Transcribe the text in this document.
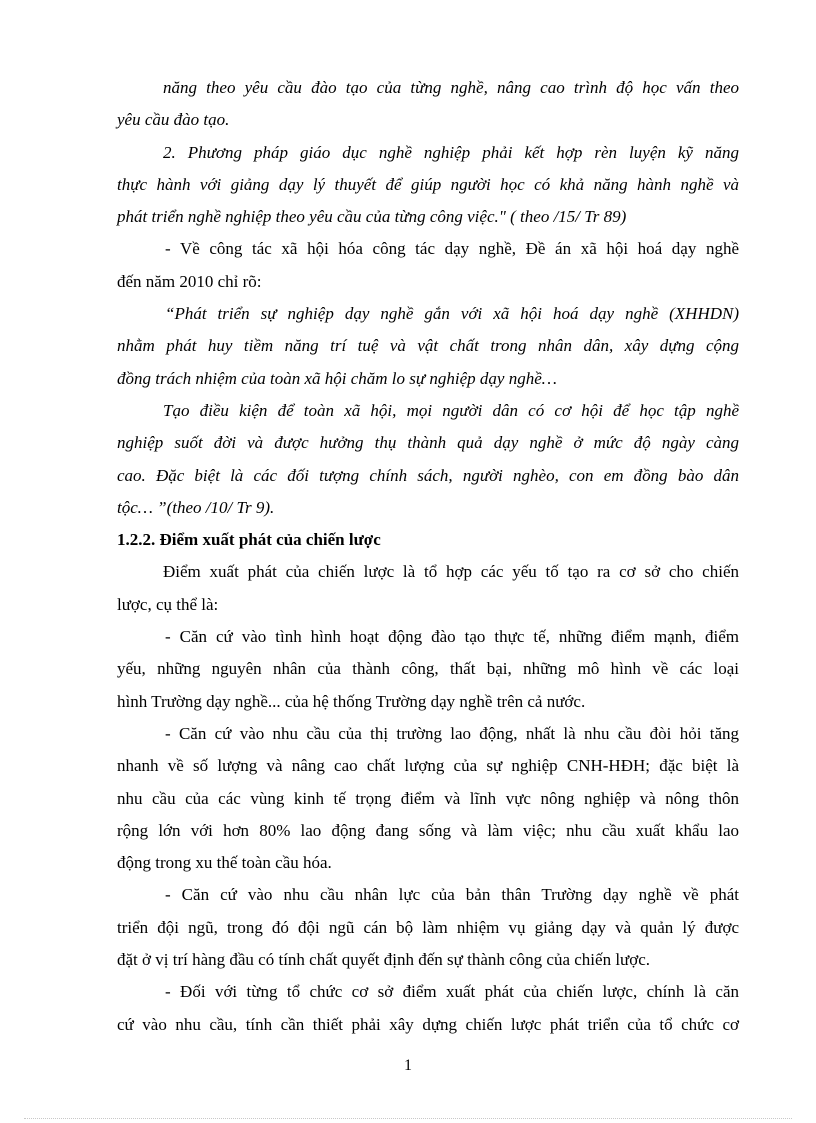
năng theo yêu cầu đào tạo của từng nghề, nâng cao trình độ học vấn theo
yêu cầu đào tạo.
2. Phương pháp giáo dục nghề nghiệp phải kết hợp rèn luyện kỹ năng
thực hành với giảng dạy lý thuyết để giúp người học có khả năng hành nghề và
phát triển nghề nghiệp theo yêu cầu của từng công việc." ( theo /15/ Tr 89)
- Về công tác xã hội hóa công tác dạy nghề, Đề án xã hội hoá dạy nghề
đến năm 2010 chỉ rõ:
“Phát triển sự nghiệp dạy nghề gắn với xã hội hoá dạy nghề (XHHDN)
nhằm phát huy tiềm năng trí tuệ và vật chất trong nhân dân, xây dựng cộng
đồng trách nhiệm của toàn xã hội chăm lo sự nghiệp dạy nghề…
Tạo điều kiện để toàn xã hội, mọi người dân có cơ hội để học tập nghề
nghiệp suốt đời và được hưởng thụ thành quả dạy nghề ở mức độ ngày càng
cao. Đặc biệt là các đối tượng chính sách, người nghèo, con em đồng bào dân
tộc… ”(theo /10/ Tr 9).
1.2.2. Điểm xuất phát của chiến lược
Điểm xuất phát của chiến lược là tổ hợp các yếu tố tạo ra cơ sở cho chiến
lược, cụ thể là:
- Căn cứ vào tình hình hoạt động đào tạo thực tế, những điểm mạnh, điểm
yếu, những nguyên nhân của thành công, thất bại, những mô hình về các loại
hình Trường dạy nghề... của hệ thống Trường dạy nghề trên cả nước.
- Căn cứ vào nhu cầu của thị trường lao động, nhất là nhu cầu đòi hỏi tăng
nhanh về số lượng và nâng cao chất lượng của sự nghiệp CNH-HĐH; đặc biệt là
nhu cầu của các vùng kinh tế trọng điểm và lĩnh vực nông nghiệp và nông thôn
rộng lớn với hơn 80% lao động đang sống và làm việc; nhu cầu xuất khẩu lao
động trong xu thế toàn cầu hóa.
- Căn cứ vào nhu cầu nhân lực của bản thân Trường dạy nghề về phát
triển đội ngũ, trong đó đội ngũ cán bộ làm nhiệm vụ giảng dạy và quản lý được
đặt ở vị trí hàng đầu có tính chất quyết định đến sự thành công của chiến lược.
- Đối với từng tổ chức cơ sở điểm xuất phát của chiến lược, chính là căn
cứ vào nhu cầu, tính cần thiết phải xây dựng chiến lược phát triển của tổ chức cơ
1
